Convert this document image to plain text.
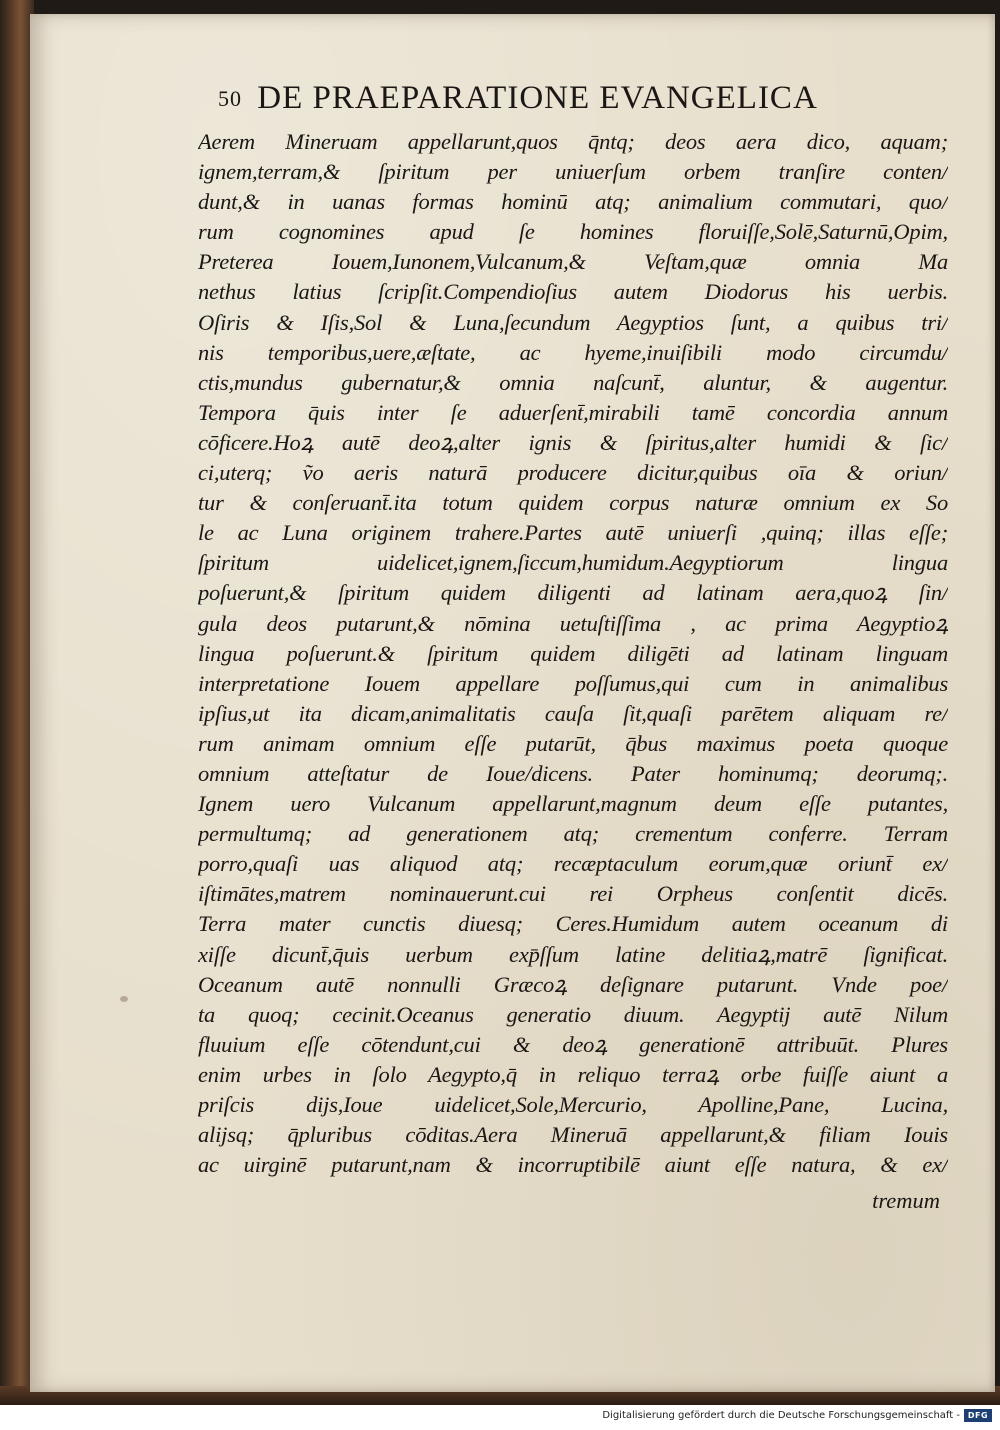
50 DE PRAEPARATIONE EVANGELICA
Aerem Mineruam appellarunt,quos q̄ntq; deos aera dico, aquam;
ignem,terram,& ſpiritum per uniuerſum orbem tranſire conten/
dunt,& in uanas formas hominū atq; animalium commutari, quo/
rum cognomines apud ſe homines floruiſſe,Solē,Saturnū,Opim,
Preterea Iouem,Iunonem,Vulcanum,& Veſtam,quæ omnia Ma
nethus latius ſcripſit.Compendioſius autem Diodorus his uerbis.
Oſiris & Iſis,Sol & Luna,ſecundum Aegyptios ſunt, a quibus tri/
nis temporibus,uere,æſtate, ac hyeme,inuiſibili modo circumdu/
ctis,mundus gubernatur,& omnia naſcunt̄, aluntur, & augentur.
Tempora q̄uis inter ſe aduerſent̄,mirabili tamē concordia annum
cōficere.Hoꝝ autē deoꝝ,alter ignis & ſpiritus,alter humidi & ſic/
ci,uterq; ṽo aeris naturā producere dicitur,quibus oīa & oriun/
tur & conſeruant̄.ita totum quidem corpus naturæ omnium ex So
le ac Luna originem trahere.Partes autē uniuerſi ,quinq; illas eſſe;
ſpiritum uidelicet,ignem,ſiccum,humidum.Aegyptiorum lingua
poſuerunt,& ſpiritum quidem diligenti ad latinam aera,quoꝝ ſin/
gula deos putarunt,& nōmina uetuſtiſſima , ac prima Aegyptioꝝ
lingua poſuerunt.& ſpiritum quidem diligēti ad latinam linguam
interpretatione Iouem appellare poſſumus,qui cum in animalibus
ipſius,ut ita dicam,animalitatis cauſa ſit,quaſi parētem aliquam re/
rum animam omnium eſſe putarūt, q̄bus maximus poeta quoque
omnium atteſtatur de Ioue/dicens. Pater hominumq; deorumq;.
Ignem uero Vulcanum appellarunt,magnum deum eſſe putantes,
permultumq; ad generationem atq; crementum conferre. Terram
porro,quaſi uas aliquod atq; recæptaculum eorum,quæ oriunt̄ ex/
iſtimātes,matrem nominauerunt.cui rei Orpheus conſentit dicēs.
Terra mater cunctis diuesq; Ceres.Humidum autem oceanum di
xiſſe dicunt̄,q̄uis uerbum exp̄ſſum latine delitiaꝝ,matrē ſignificat.
Oceanum autē nonnulli Græcoꝝ deſignare putarunt. Vnde poe/
ta quoq; cecinit.Oceanus generatio diuum. Aegyptij autē Nilum
fluuium eſſe cōtendunt,cui & deoꝝ generationē attribuūt. Plures
enim urbes in ſolo Aegypto,q̄ in reliquo terraꝝ orbe fuiſſe aiunt a
priſcis dijs,Ioue uidelicet,Sole,Mercurio, Apolline,Pane, Lucina,
alijsq; q̄pluribus cōditas.Aera Mineruā appellarunt,& filiam Iouis
ac uirginē putarunt,nam & incorruptibilē aiunt eſſe natura, & ex/
tremum
Digitalisierung gefördert durch die Deutsche Forschungsgemeinschaft - DFG
